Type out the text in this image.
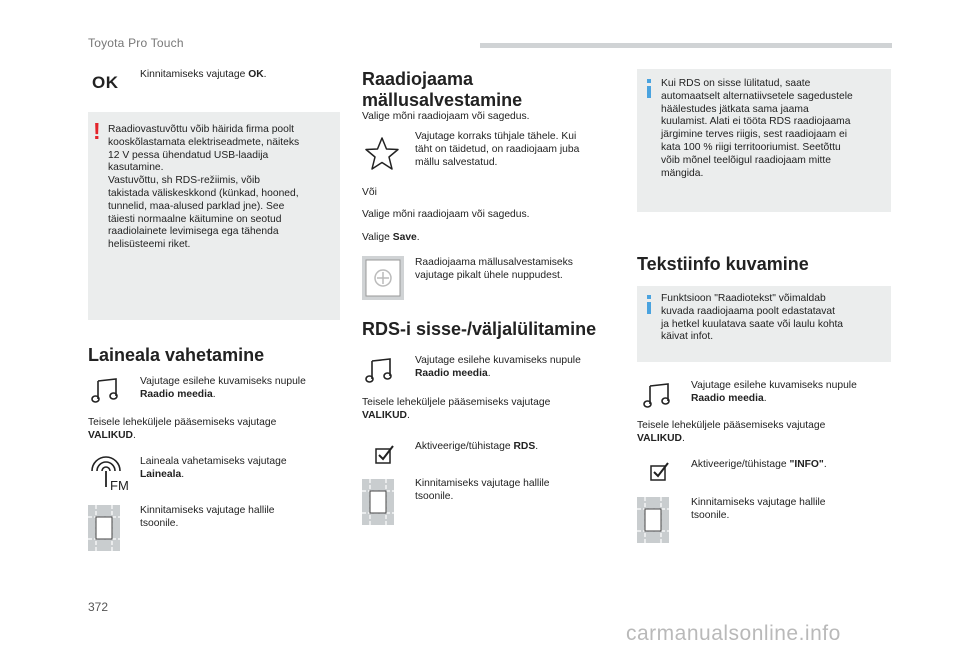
Toyota Pro Touch
OK Kinnitamiseks vajutage OK.
! Raadiovastuvõttu võib häirida firma poolt
kooskõlastamata elektriseadmete, näiteks
12 V pessa ühendatud USB-laadija
kasutamine.
Vastuvõttu, sh RDS-režiimis, võib
takistada väliskeskkond (künkad, hooned,
tunnelid, maa-alused parklad jne). See
täiesti normaalne käitumine on seotud
raadiolainete levimisega ega tähenda
helisüsteemi riket.
Laineala vahetamine
Vajutage esilehe kuvamiseks nupule
Raadio meedia.
Teisele leheküljele pääsemiseks vajutage
VALIKUD.
FM
Laineala vahetamiseks vajutage
Laineala.
Kinnitamiseks vajutage hallile
tsoonile.
Raadiojaama
mällusalvestamine
Valige mõni raadiojaam või sagedus.
Vajutage korraks tühjale tähele. Kui
täht on täidetud, on raadiojaam juba
mällu salvestatud.
Või
Valige mõni raadiojaam või sagedus.
Valige Save.
Raadiojaama mällusalvestamiseks
vajutage pikalt ühele nuppudest.
RDS-i sisse-/väljalülitamine
Vajutage esilehe kuvamiseks nupule
Raadio meedia.
Teisele leheküljele pääsemiseks vajutage
VALIKUD.
Aktiveerige/tühistage RDS.
Kinnitamiseks vajutage hallile
tsoonile.
Kui RDS on sisse lülitatud, saate
automaatselt alternatiivsetele sagedustele
häälestudes jätkata sama jaama
kuulamist. Alati ei tööta RDS raadiojaama
järgimine terves riigis, sest raadiojaam ei
kata 100 % riigi territooriumist. Seetõttu
võib mõnel teelõigul raadiojaam mitte
mängida.
Tekstiinfo kuvamine
Funktsioon "Raadiotekst" võimaldab
kuvada raadiojaama poolt edastatavat
ja hetkel kuulatava saate või laulu kohta
käivat infot.
Vajutage esilehe kuvamiseks nupule
Raadio meedia.
Teisele leheküljele pääsemiseks vajutage
VALIKUD.
Aktiveerige/tühistage "INFO".
Kinnitamiseks vajutage hallile
tsoonile.
372
carmanualsonline.info
